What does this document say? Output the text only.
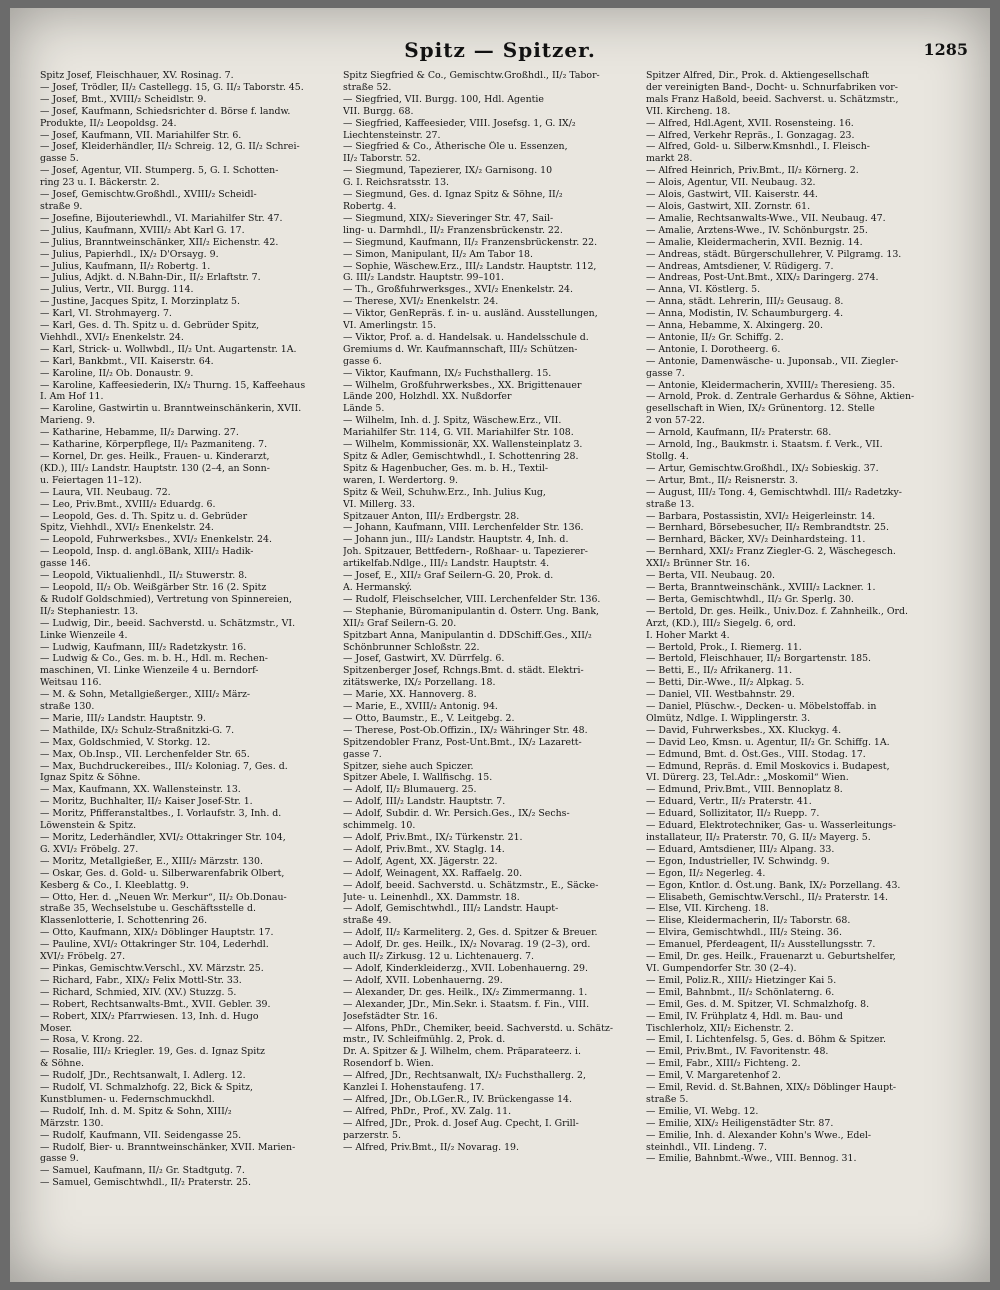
Spitz — Spitzer.	1285
Spitz Josef, Fleischhauer, XV. Rosinag. 7.
— Josef, Trödler, II/₂ Castellegg. 15, G. II/₂ Taborstr. 45.
— Josef, Bmt., XVIII/₂ Scheidlstr. 9.
— Josef, Kaufmann, Schiedsrichter d. Börse f. landw.
Produkte, II/₂ Leopoldsg. 24.
— Josef, Kaufmann, VII. Mariahilfer Str. 6.
— Josef, Kleiderhändler, II/₂ Schreig. 12, G. II/₂ Schrei-
gasse 5.
— Josef, Agentur, VII. Stumperg. 5, G. I. Schotten-
ring 23 u. I. Bäckerstr. 2.
— Josef, Gemischtw.Großhdl., XVIII/₂ Scheidl-
straße 9.
— Josefine, Bijouteriewhdl., VI. Mariahilfer Str. 47.
— Julius, Kaufmann, XVIII/₂ Abt Karl G. 17.
— Julius, Branntweinschänker, XII/₂ Eichenstr. 42.
— Julius, Papierhdl., IX/₂ D'Orsayg. 9.
— Julius, Kaufmann, II/₂ Robertg. 1.
— Julius, Adjkt. d. N.Bahn-Dir., II/₂ Erlaftstr. 7.
— Julius, Vertr., VII. Burgg. 114.
— Justine, Jacques Spitz, I. Morzinplatz 5.
— Karl, VI. Strohmayerg. 7.
— Karl, Ges. d. Th. Spitz u. d. Gebrüder Spitz,
Viehhdl., XVI/₂ Enenkelstr. 24.
— Karl, Strick- u. Wollwbdl., II/₂ Unt. Augartenstr. 1A.
— Karl, Bankbmt., VII. Kaiserstr. 64.
— Karoline, II/₂ Ob. Donaustr. 9.
— Karoline, Kaffeesiederin, IX/₂ Thurng. 15, Kaffeehaus
I. Am Hof 11.
— Karoline, Gastwirtin u. Branntweinschänkerin, XVII.
Marieng. 9.
— Katharine, Hebamme, II/₂ Darwing. 27.
— Katharine, Körperpflege, II/₂ Pazmaniteng. 7.
— Kornel, Dr. ges. Heilk., Frauen- u. Kinderarzt,
(KD.), III/₂ Landstr. Hauptstr. 130 (2–4, an Sonn-
u. Feiertagen 11–12).
— Laura, VII. Neubaug. 72.
— Leo, Priv.Bmt., XVIII/₂ Eduardg. 6.
— Leopold, Ges. d. Th. Spitz u. d. Gebrüder
Spitz, Viehhdl., XVI/₂ Enenkelstr. 24.
— Leopold, Fuhrwerksbes., XVI/₂ Enenkelstr. 24.
— Leopold, Insp. d. angl.öBank, XIII/₂ Hadik-
gasse 146.
— Leopold, Viktualienhdl., II/₂ Stuwerstr. 8.
— Leopold, II/₂ Ob. Weißgärber Str. 16 (2. Spitz
& Rudolf Goldschmied), Vertretung von Spinnereien,
II/₂ Stephaniestr. 13.
— Ludwig, Dir., beeid. Sachverstd. u. Schätzmstr., VI.
Linke Wienzeile 4.
— Ludwig, Kaufmann, III/₂ Radetzkystr. 16.
— Ludwig & Co., Ges. m. b. H., Hdl. m. Rechen-
maschinen, VI. Linke Wienzeile 4 u. Berndorf-
Weitsau 116.
— M. & Sohn, Metallgießerger., XIII/₂ März-
straße 130.
— Marie, III/₂ Landstr. Hauptstr. 9.
— Mathilde, IX/₂ Schulz-Straßnitzki-G. 7.
— Max, Goldschmied, V. Storkg. 12.
— Max, Ob.Insp., VII. Lerchenfelder Str. 65.
— Max, Buchdruckereibes., III/₂ Koloniag. 7, Ges. d.
Ignaz Spitz & Söhne.
— Max, Kaufmann, XX. Wallensteinstr. 13.
— Moritz, Buchhalter, II/₂ Kaiser Josef-Str. 1.
— Moritz, Pfifferanstaltbes., I. Vorlaufstr. 3, Inh. d.
Löwenstein & Spitz.
— Moritz, Lederhändler, XVI/₂ Ottakringer Str. 104,
G. XVI/₂ Fröbelg. 27.
— Moritz, Metallgießer, E., XIII/₂ Märzstr. 130.
— Oskar, Ges. d. Gold- u. Silberwarenfabrik Olbert,
Kesberg & Co., I. Kleeblattg. 9.
— Otto, Her. d. „Neuen Wr. Merkur“, II/₂ Ob.Donau-
straße 35, Wechselstube u. Geschäftsstelle d.
Klassenlotterie, I. Schottenring 26.
— Otto, Kaufmann, XIX/₂ Döblinger Hauptstr. 17.
— Pauline, XVI/₂ Ottakringer Str. 104, Lederhdl.
XVI/₂ Fröbelg. 27.
— Pinkas, Gemischtw.Verschl., XV. Märzstr. 25.
— Richard, Fabr., XIX/₂ Felix Mottl-Str. 33.
— Richard, Schmied, XIV. (XV.) Stuzzg. 5.
— Robert, Rechtsanwalts-Bmt., XVII. Gebler. 39.
— Robert, XIX/₂ Pfarrwiesen. 13, Inh. d. Hugo
Moser.
— Rosa, V. Krong. 22.
— Rosalie, III/₂ Kriegler. 19, Ges. d. Ignaz Spitz
& Söhne.
— Rudolf, JDr., Rechtsanwalt, I. Adlerg. 12.
— Rudolf, VI. Schmalzhofg. 22, Bick & Spitz,
Kunstblumen- u. Federnschmuckhdl.
— Rudolf, Inh. d. M. Spitz & Sohn, XIII/₂
Märzstr. 130.
— Rudolf, Kaufmann, VII. Seidengasse 25.
— Rudolf, Bier- u. Branntweinschänker, XVII. Marien-
gasse 9.
— Samuel, Kaufmann, II/₂ Gr. Stadtgutg. 7.
— Samuel, Gemischtwhdl., II/₂ Praterstr. 25.
Spitz Siegfried & Co., Gemischtw.Großhdl., II/₂ Tabor-
straße 52.
— Siegfried, VII. Burgg. 100, Hdl. Agentie
VII. Burgg. 68.
— Siegfried, Kaffeesieder, VIII. Josefsg. 1, G. IX/₂
Liechtensteinstr. 27.
— Siegfried & Co., Ätherische Öle u. Essenzen,
II/₂ Taborstr. 52.
— Siegmund, Tapezierer, IX/₂ Garnisong. 10
G. I. Reichsratsstr. 13.
— Siegmund, Ges. d. Ignaz Spitz & Söhne, II/₂
Robertg. 4.
— Siegmund, XIX/₂ Sieveringer Str. 47, Sail-
ling- u. Darmhdl., II/₂ Franzensbrückenstr. 22.
— Siegmund, Kaufmann, II/₂ Franzensbrückenstr. 22.
— Simon, Manipulant, II/₂ Am Tabor 18.
— Sophie, Wäschew.Erz., III/₂ Landstr. Hauptstr. 112,
G. III/₂ Landstr. Hauptstr. 99–101.
— Th., Großfuhrwerksges., XVI/₂ Enenkelstr. 24.
— Therese, XVI/₂ Enenkelstr. 24.
— Viktor, GenRepräs. f. in- u. ausländ. Ausstellungen,
VI. Amerlingstr. 15.
— Viktor, Prof. a. d. Handelsak. u. Handelsschule d.
Gremiums d. Wr. Kaufmannschaft, III/₂ Schützen-
gasse 6.
— Viktor, Kaufmann, IX/₂ Fuchsthallerg. 15.
— Wilhelm, Großfuhrwerksbes., XX. Brigittenauer
Lände 200, Holzhdl. XX. Nußdorfer
Lände 5.
— Wilhelm, Inh. d. J. Spitz, Wäschew.Erz., VII.
Mariahilfer Str. 114, G. VII. Mariahilfer Str. 108.
— Wilhelm, Kommissionär, XX. Wallensteinplatz 3.
Spitz & Adler, Gemischtwhdl., I. Schottenring 28.
Spitz & Hagenbucher, Ges. m. b. H., Textil-
waren, I. Werdertorg. 9.
Spitz & Weil, Schuhw.Erz., Inh. Julius Kug,
VI. Millerg. 33.
Spitzauer Anton, III/₂ Erdbergstr. 28.
— Johann, Kaufmann, VIII. Lerchenfelder Str. 136.
— Johann jun., III/₂ Landstr. Hauptstr. 4, Inh. d.
Joh. Spitzauer, Bettfedern-, Roßhaar- u. Tapezierer-
artikelfab.Ndlge., III/₂ Landstr. Hauptstr. 4.
— Josef, E., XII/₂ Graf Seilern-G. 20, Prok. d.
A. Hermanský.
— Rudolf, Fleischselcher, VIII. Lerchenfelder Str. 136.
— Stephanie, Büromanipulantin d. Österr. Ung. Bank,
XII/₂ Graf Seilern-G. 20.
Spitzbart Anna, Manipulantin d. DDSchiff.Ges., XII/₂
Schönbrunner Schloßstr. 22.
— Josef, Gastwirt, XV. Dürrfelg. 6.
Spitzenberger Josef, Rchngs.Bmt. d. städt. Elektri-
zitätswerke, IX/₂ Porzellang. 18.
— Marie, XX. Hannoverg. 8.
— Marie, E., XVIII/₂ Antonig. 94.
— Otto, Baumstr., E., V. Leitgebg. 2.
— Therese, Post-Ob.Offizin., IX/₂ Währinger Str. 48.
Spitzendobler Franz, Post-Unt.Bmt., IX/₂ Lazarett-
gasse 7.
Spitzer, siehe auch Spiczer.
Spitzer Abele, I. Wallfischg. 15.
— Adolf, II/₂ Blumauerg. 25.
— Adolf, III/₂ Landstr. Hauptstr. 7.
— Adolf, Subdir. d. Wr. Persich.Ges., IX/₂ Sechs-
schimmelg. 10.
— Adolf, Priv.Bmt., IX/₂ Türkenstr. 21.
— Adolf, Priv.Bmt., XV. Staglg. 14.
— Adolf, Agent, XX. Jägerstr. 22.
— Adolf, Weinagent, XX. Raffaelg. 20.
— Adolf, beeid. Sachverstd. u. Schätzmstr., E., Säcke-
Jute- u. Leinenhdl., XX. Dammstr. 18.
— Adolf, Gemischtwhdl., III/₂ Landstr. Haupt-
straße 49.
— Adolf, II/₂ Karmeliterg. 2, Ges. d. Spitzer & Breuer.
— Adolf, Dr. ges. Heilk., IX/₂ Novarag. 19 (2–3), ord.
auch II/₂ Zirkusg. 12 u. Lichtenauerg. 7.
— Adolf, Kinderkleiderzg., XVII. Lobenhauerng. 29.
— Adolf, XVII. Lobenhauerng. 29.
— Alexander, Dr. ges. Heilk., IX/₂ Zimmermanng. 1.
— Alexander, JDr., Min.Sekr. i. Staatsm. f. Fin., VIII.
Josefstädter Str. 16.
— Alfons, PhDr., Chemiker, beeid. Sachverstd. u. Schätz-
mstr., IV. Schleifmühlg. 2, Prok. d.
Dr. A. Spitzer & J. Wilhelm, chem. Präparateerz. i.
Rosendorf b. Wien.
— Alfred, JDr., Rechtsanwalt, IX/₂ Fuchsthallerg. 2,
Kanzlei I. Hohenstaufeng. 17.
— Alfred, JDr., Ob.LGer.R., IV. Brückengasse 14.
— Alfred, PhDr., Prof., XV. Zalg. 11.
— Alfred, JDr., Prok. d. Josef Aug. Cpecht, I. Grill-
parzerstr. 5.
— Alfred, Priv.Bmt., II/₂ Novarag. 19.
Spitzer Alfred, Dir., Prok. d. Aktiengesellschaft
der vereinigten Band-, Docht- u. Schnurfabriken vor-
mals Franz Haßold, beeid. Sachverst. u. Schätzmstr.,
VII. Kircheng. 18.
— Alfred, Hdl.Agent, XVII. Rosensteing. 16.
— Alfred, Verkehr Repräs., I. Gonzagag. 23.
— Alfred, Gold- u. Silberw.Kmsnhdl., I. Fleisch-
markt 28.
— Alfred Heinrich, Priv.Bmt., II/₂ Körnerg. 2.
— Alois, Agentur, VII. Neubaug. 32.
— Alois, Gastwirt, VII. Kaiserstr. 44.
— Alois, Gastwirt, XII. Zornstr. 61.
— Amalie, Rechtsanwalts-Wwe., VII. Neubaug. 47.
— Amalie, Arztens-Wwe., IV. Schönburgstr. 25.
— Amalie, Kleidermacherin, XVII. Beznig. 14.
— Andreas, städt. Bürgerschullehrer, V. Pilgramg. 13.
— Andreas, Amtsdiener, V. Rüdigerg. 7.
— Andreas, Post-Unt.Bmt., XIX/₂ Daringerg. 274.
— Anna, VI. Köstlerg. 5.
— Anna, städt. Lehrerin, III/₂ Geusaug. 8.
— Anna, Modistin, IV. Schaumburgerg. 4.
— Anna, Hebamme, X. Alxingerg. 20.
— Antonie, II/₂ Gr. Schiffg. 2.
— Antonie, I. Dorotheerg. 6.
— Antonie, Damenwäsche- u. Juponsab., VII. Ziegler-
gasse 7.
— Antonie, Kleidermacherin, XVIII/₂ Theresieng. 35.
— Arnold, Prok. d. Zentrale Gerhardus & Söhne, Aktien-
gesellschaft in Wien, IX/₂ Grünentorg. 12. Stelle
2 von 57-22.
— Arnold, Kaufmann, II/₂ Praterstr. 68.
— Arnold, Ing., Baukmstr. i. Staatsm. f. Verk., VII.
Stollg. 4.
— Artur, Gemischtw.Großhdl., IX/₂ Sobieskig. 37.
— Artur, Bmt., II/₂ Reisnerstr. 3.
— August, III/₂ Tong. 4, Gemischtwhdl. III/₂ Radetzky-
straße 13.
— Barbara, Postassistin, XVI/₂ Heigerleinstr. 14.
— Bernhard, Börsebesucher, II/₂ Rembrandtstr. 25.
— Bernhard, Bäcker, XV/₂ Deinhardsteing. 11.
— Bernhard, XXI/₂ Franz Ziegler-G. 2, Wäschegesch.
XXI/₂ Brünner Str. 16.
— Berta, VII. Neubaug. 20.
— Berta, Branntweinschänk., XVIII/₂ Lackner. 1.
— Berta, Gemischtwhdl., II/₂ Gr. Sperlg. 30.
— Bertold, Dr. ges. Heilk., Univ.Doz. f. Zahnheilk., Ord.
Arzt, (KD.), III/₂ Siegelg. 6, ord.
I. Hoher Markt 4.
— Bertold, Prok., I. Riemerg. 11.
— Bertold, Fleischhauer, II/₂ Borgartenstr. 185.
— Betti, E., II/₂ Afrikanerg. 11.
— Betti, Dir.-Wwe., II/₂ Alpkag. 5.
— Daniel, VII. Westbahnstr. 29.
— Daniel, Plüschw.-, Decken- u. Möbelstoffab. in
Olmütz, Ndlge. I. Wipplingerstr. 3.
— David, Fuhrwerksbes., XX. Kluckyg. 4.
— David Leo, Kmsn. u. Agentur, II/₂ Gr. Schiffg. 1A.
— Edmund, Bmt. d. Öst.Ges., VIII. Stodag. 17.
— Edmund, Repräs. d. Emil Moskovics i. Budapest,
VI. Dürerg. 23, Tel.Adr.: „Moskomil“ Wien.
— Edmund, Priv.Bmt., VIII. Bennoplatz 8.
— Eduard, Vertr., II/₂ Praterstr. 41.
— Eduard, Sollizitator, II/₂ Ruepp. 7.
— Eduard, Elektrotechniker, Gas- u. Wasserleitungs-
installateur, II/₂ Praterstr. 70, G. II/₂ Mayerg. 5.
— Eduard, Amtsdiener, III/₂ Alpang. 33.
— Egon, Industrieller, IV. Schwindg. 9.
— Egon, II/₂ Negerleg. 4.
— Egon, Kntlor. d. Öst.ung. Bank, IX/₂ Porzellang. 43.
— Elisabeth, Gemischtw.Verschl., II/₂ Praterstr. 14.
— Else, VII. Kircheng. 18.
— Elise, Kleidermacherin, II/₂ Taborstr. 68.
— Elvira, Gemischtwhdl., III/₂ Steing. 36.
— Emanuel, Pferdeagent, II/₂ Ausstellungsstr. 7.
— Emil, Dr. ges. Heilk., Frauenarzt u. Geburtshelfer,
VI. Gumpendorfer Str. 30 (2–4).
— Emil, Poliz.R., XIII/₂ Hietzinger Kai 5.
— Emil, Bahnbmt., II/₂ Schönlaterng. 6.
— Emil, Ges. d. M. Spitzer, VI. Schmalzhofg. 8.
— Emil, IV. Frühplatz 4, Hdl. m. Bau- und
Tischlerholz, XII/₂ Eichenstr. 2.
— Emil, I. Lichtenfelsg. 5, Ges. d. Böhm & Spitzer.
— Emil, Priv.Bmt., IV. Favoritenstr. 48.
— Emil, Fabr., XIII/₂ Fichteng. 2.
— Emil, V. Margaretenhof 2.
— Emil, Revid. d. St.Bahnen, XIX/₂ Döblinger Haupt-
straße 5.
— Emilie, VI. Webg. 12.
— Emilie, XIX/₂ Heiligenstädter Str. 87.
— Emilie, Inh. d. Alexander Kohn's Wwe., Edel-
steinhdl., VII. Lindeng. 7.
— Emilie, Bahnbmt.-Wwe., VIII. Bennog. 31.
